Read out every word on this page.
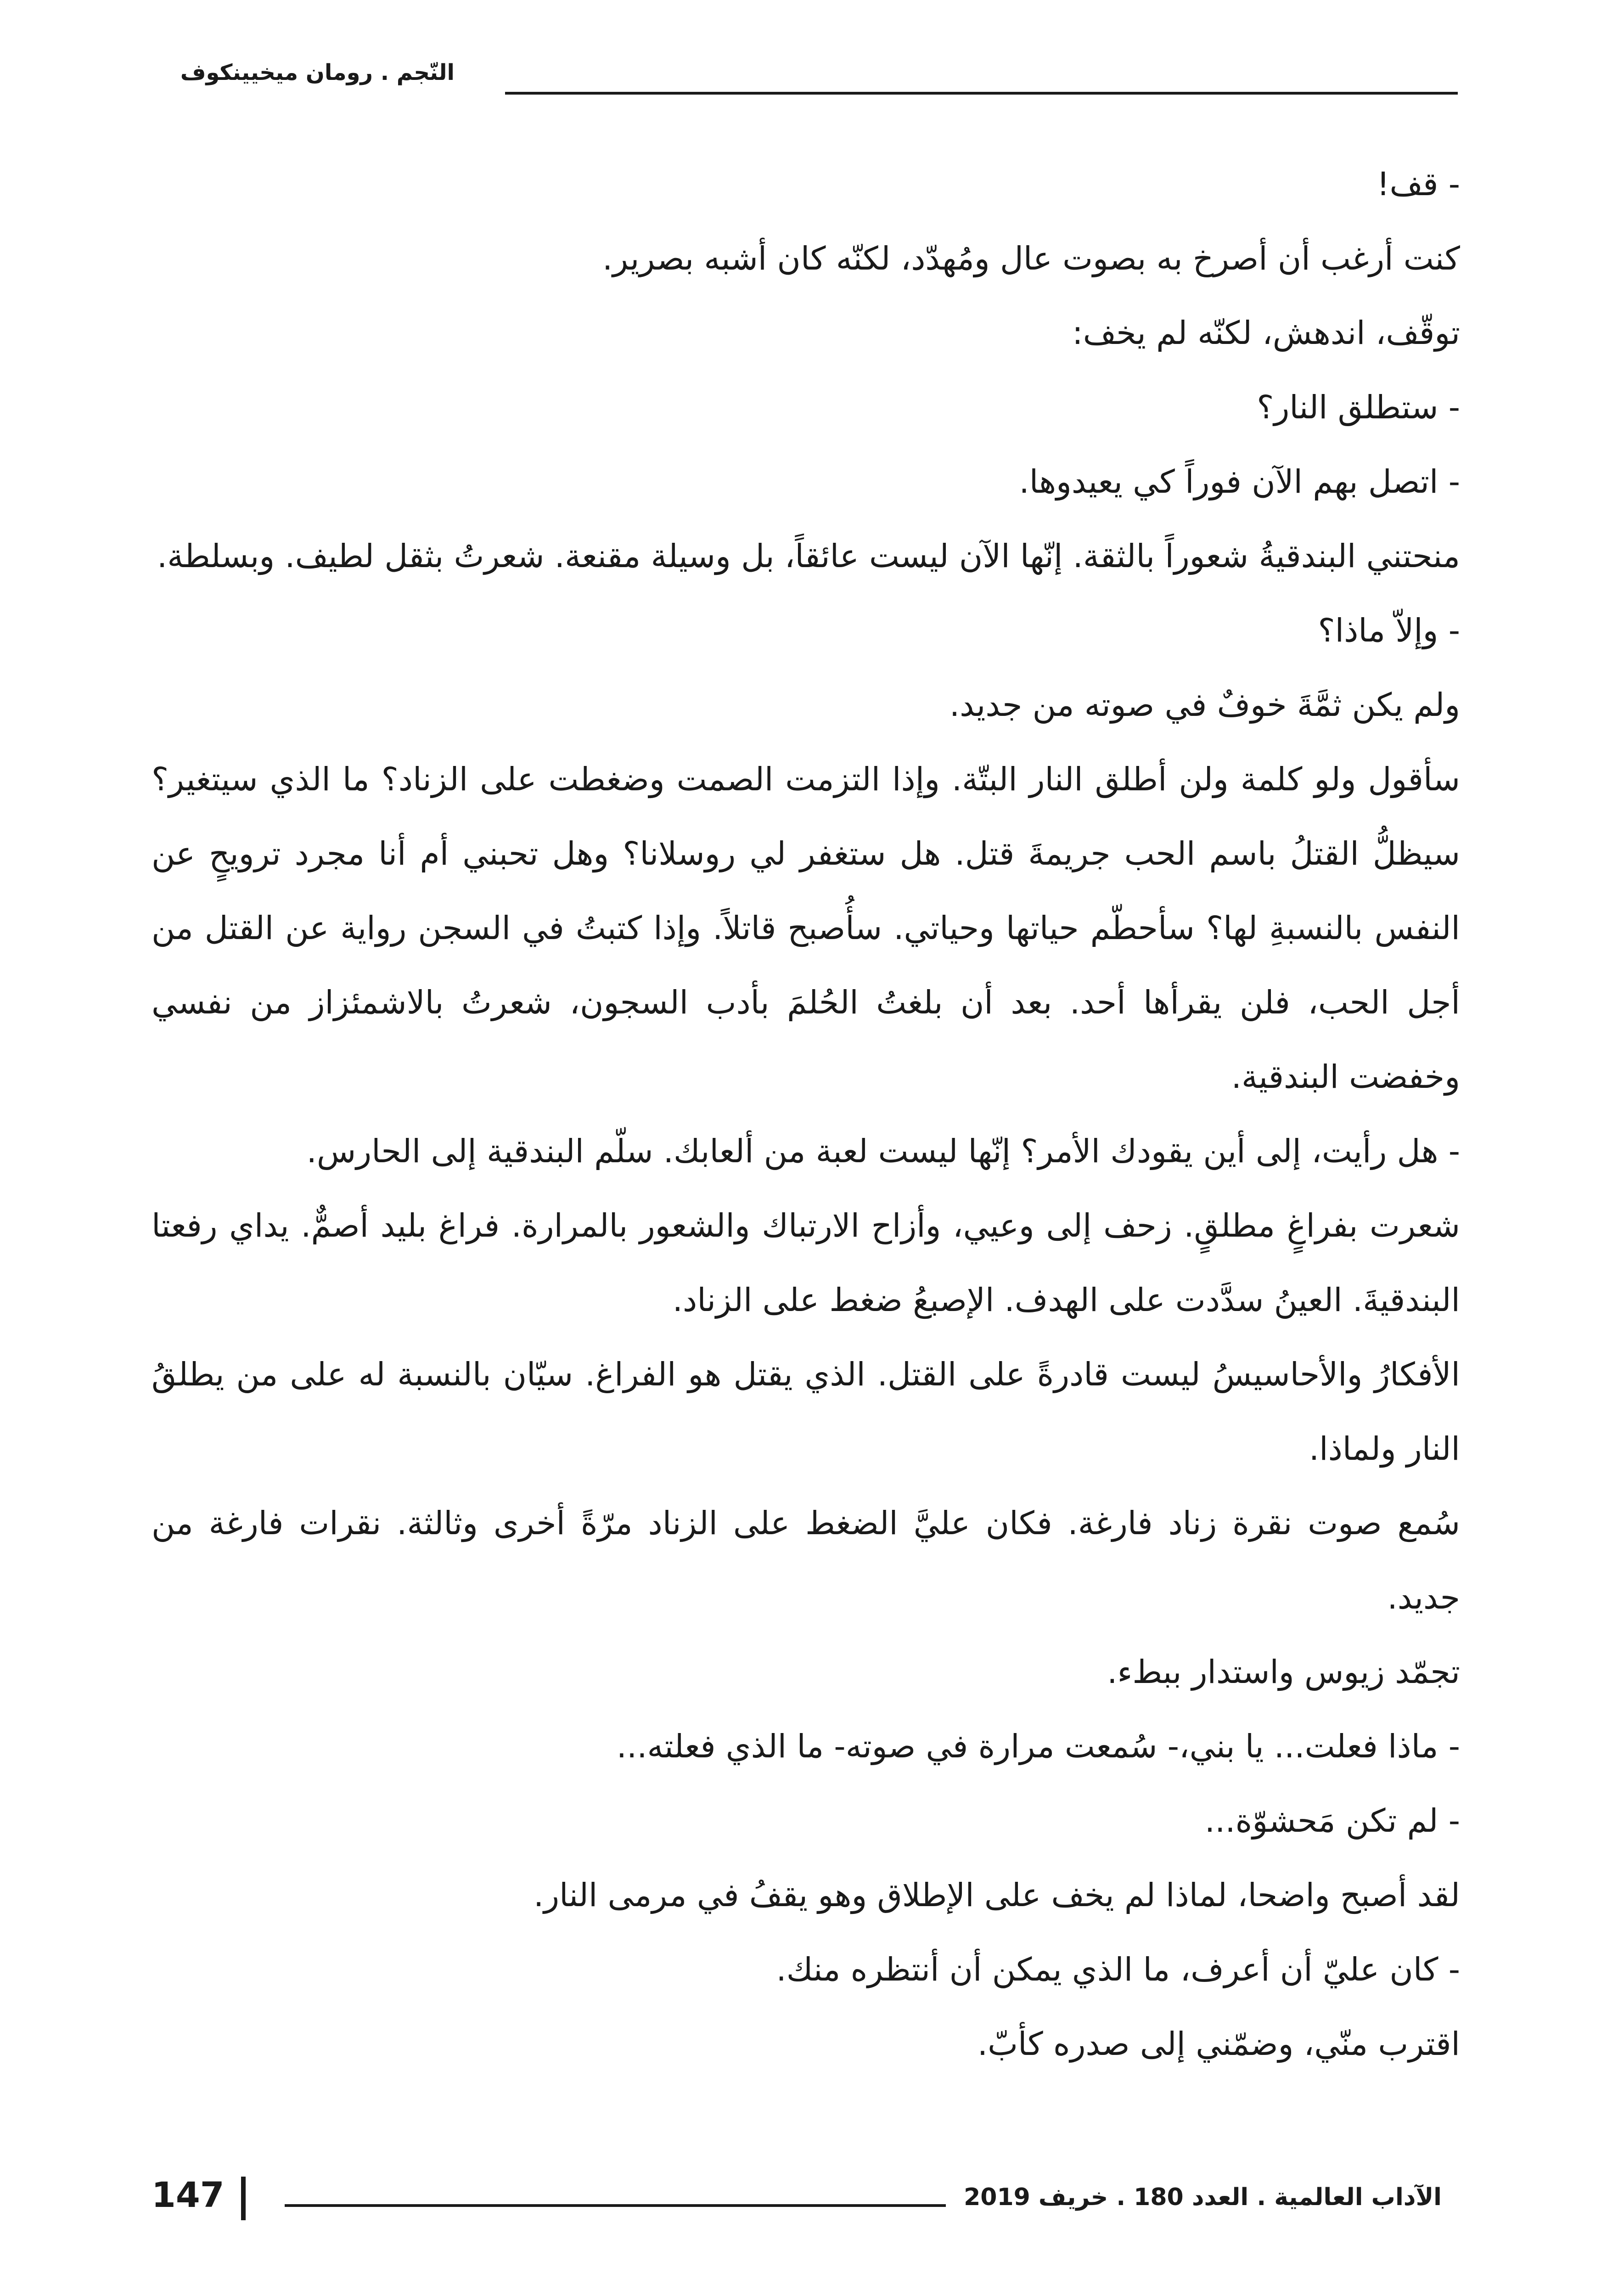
النّجم . رومان ميخيينكوف

- قف!

كنت أرغب أن أصرخ به بصوت عال ومُهدّد، لكنّه كان أشبه بصرير.

توقّف، اندهش، لكنّه لم يخف:

- ستطلق النار؟

- اتصل بهم الآن فوراً كي يعيدوها.

منحتني البندقيةُ شعوراً بالثقة. إنّها الآن ليست عائقاً، بل وسيلة مقنعة. شعرتُ بثقل لطيف. وبسلطة.

- وإلاّ ماذا؟

ولم يكن ثمَّةَ خوفٌ في صوته من جديد.

سأقول ولو كلمة ولن أطلق النار البتّة. وإذا التزمت الصمت وضغطت على الزناد؟ ما الذي سيتغير؟ سيظلُّ القتلُ باسم الحب جريمةَ قتل. هل ستغفر لي روسلانا؟ وهل تحبني أم أنا مجرد ترويحٍ عن النفس بالنسبةِ لها؟ سأحطّم حياتها وحياتي. سأُصبح قاتلاً. وإذا كتبتُ في السجن رواية عن القتل من أجل الحب، فلن يقرأها أحد. بعد أن بلغتُ الحُلمَ بأدب السجون، شعرتُ بالاشمئزاز من نفسي وخفضت البندقية.

- هل رأيت، إلى أين يقودك الأمر؟ إنّها ليست لعبة من ألعابك. سلّم البندقية إلى الحارس.

شعرت بفراغٍ مطلقٍ. زحف إلى وعيي، وأزاح الارتباك والشعور بالمرارة. فراغ بليد أصمٌّ. يداي رفعتا البندقيةَ. العينُ سدَّدت على الهدف. الإصبعُ ضغط على الزناد.

الأفكارُ والأحاسيسُ ليست قادرةً على القتل. الذي يقتل هو الفراغ. سيّان بالنسبة له على من يطلقُ النار ولماذا.

سُمع صوت نقرة زناد فارغة. فكان عليَّ الضغط على الزناد مرّةً أخرى وثالثة. نقرات فارغة من جديد.

تجمّد زيوس واستدار ببطء.

- ماذا فعلت... يا بني،- سُمعت مرارة في صوته- ما الذي فعلته...

- لم تكن مَحشوّة...

لقد أصبح واضحا، لماذا لم يخف على الإطلاق وهو يقفُ في مرمى النار.

- كان عليّ أن أعرف، ما الذي يمكن أن أنتظره منك.

اقترب منّي، وضمّني إلى صدره كأبّ.

الآداب العالمية . العدد 180 . خريف 2019
147
